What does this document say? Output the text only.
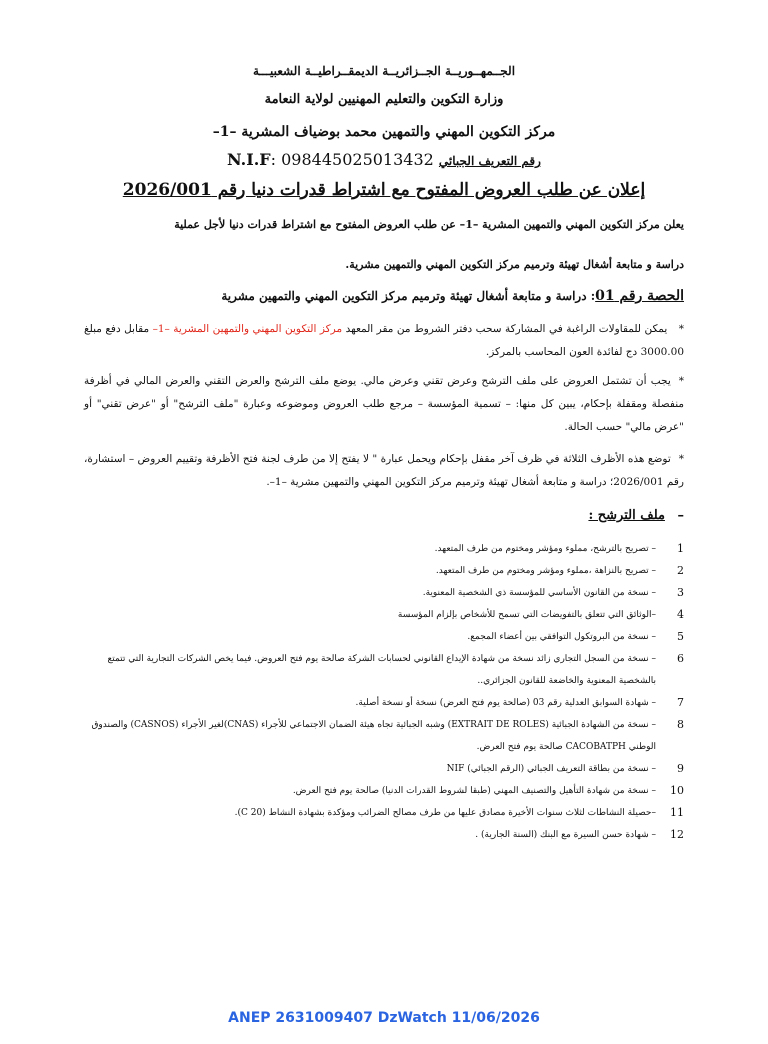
الجــمهــوريــة الجــزائريــة الديمقــراطيــة الشعبيـــة
وزارة التكوين والتعليم المهنيين لولاية النعامة
مركز التكوين المهني والتمهين محمد بوضياف المشرية –1–
رقم التعريف الجبائي N.I.F: 098445025013432
إعلان عن طلب العروض المفتوح مع اشتراط قدرات دنيا رقم 2026/001
يعلن مركز التكوين المهني والتمهين المشرية –1– عن طلب العروض المفتوح مع اشتراط قدرات دنيا لأجل عملية
دراسة و متابعة أشغال تهيئة وترميم مركز التكوين المهني والتمهين مشرية.
الحصة رقم 01: دراسة و متابعة أشغال تهيئة وترميم مركز التكوين المهني والتمهين مشرية
* يمكن للمقاولات الراغبة في المشاركة سحب دفتر الشروط من مقر المعهد مركز التكوين المهني والتمهين المشرية –1– مقابل دفع مبلغ 3000.00 دج لفائدة العون المحاسب بالمركز.
*يجب أن تشتمل العروض على ملف الترشح وعرض تقني وعرض مالي. يوضع ملف الترشح والعرض التقني والعرض المالي في أظرفة منفصلة ومقفلة بإحكام، يبين كل منها: – تسمية المؤسسة – مرجع طلب العروض وموضوعه وعبارة "ملف الترشح" أو "عرض تقني" أو "عرض مالي" حسب الحالة.
*توضع هذه الأظرف الثلاثة في ظرف آخر مقفل بإحكام ويحمل عبارة " لا يفتح إلا من طرف لجنة فتح الأظرفة وتقييم العروض – استشارة، رقم 2026/001؛ دراسة و متابعة أشغال تهيئة وترميم مركز التكوين المهني والتمهين مشرية –1–.
– ملف الترشح :
1
– تصريح بالترشح، مملوء ومؤشر ومختوم من طرف المتعهد.
2
– تصريح بالنزاهة ،مملوء ومؤشر ومختوم من طرف المتعهد.
3
– نسخة من القانون الأساسي للمؤسسة ذي الشخصية المعنوية.
4
–الوثائق التي تتعلق بالتفويضات التي تسمح للأشخاص بإلزام المؤسسة
5
– نسخة من البروتكول التوافقي بين أعضاء المجمع.
6
– نسخة من السجل التجاري زائد نسخة من شهادة الإيداع القانوني لحسابات الشركة صالحة يوم فتح العروض. فيما يخص الشركات التجارية التي تتمتع بالشخصية المعنوية والخاضعة للقانون الجزائري..
7
– شهادة السوابق العدلية رقم 03 (صالحة يوم فتح العرض) نسخة أو نسخة أصلية.
8
– نسخة من الشهادة الجبائية (EXTRAIT DE ROLES) وشبه الجبائية تجاه هيئة الضمان الاجتماعي للأجراء (CNAS)لغير الأجراء (CASNOS) والصندوق الوطني CACOBATPH صالحة يوم فتح العرض.
9
– نسخة من بطاقة التعريف الجبائي (الرقم الجبائي) NIF
10
– نسخة من شهادة التأهيل والتصنيف المهني (طبقا لشروط القدرات الدنيا) صالحة يوم فتح العرض.
11
–حصيلة النشاطات لثلاث سنوات الأخيرة مصادق عليها من طرف مصالح الضرائب ومؤكدة بشهادة النشاط (C 20).
12
– شهادة حسن السيرة مع البنك (السنة الجارية) .
ANEP 2631009407 DzWatch 11/06/2026
